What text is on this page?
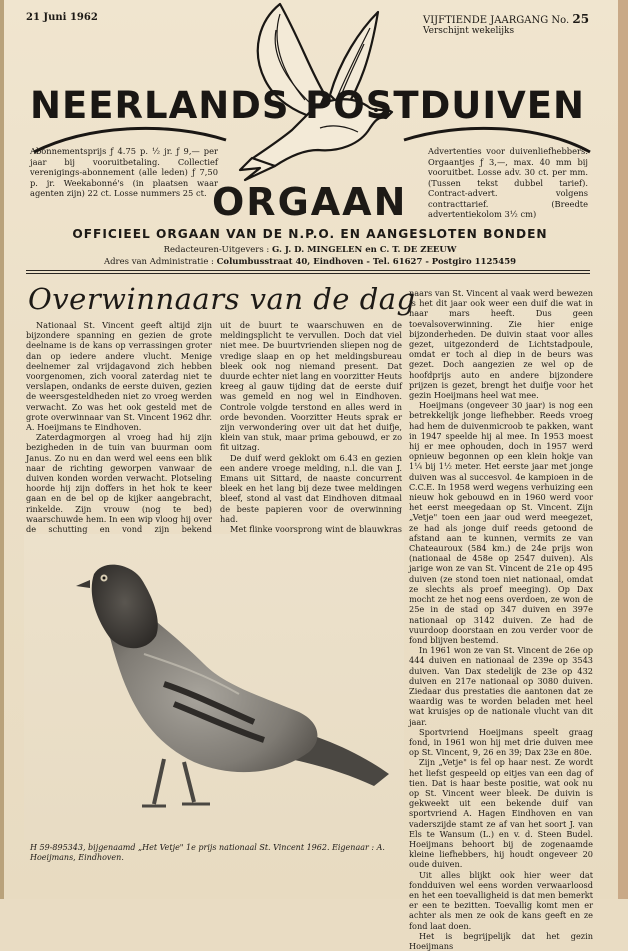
21 Juni 1962	VIJFTIENDE JAARGANG No. 25
Verschijnt wekelijks
NEERLANDS POSTDUIVEN
ORGAAN
Abonnementsprijs ƒ 4.75 p. ½ jr. ƒ 9,— per jaar bij vooruitbetaling. Collectief verenigings-abonnement (alle leden) ƒ 7,50 p. jr. Weekabonné's (in plaatsen waar agenten zijn) 22 ct. Losse nummers 25 ct.
Advertenties voor duivenliefhebbers: Orgaantjes ƒ 3,—, max. 40 mm bij vooruitbet. Losse adv. 30 ct. per mm. (Tussen tekst dubbel tarief). Contract-advert. volgens contracttarief. (Breedte advertentiekolom 3½ cm)
OFFICIEEL ORGAAN VAN DE N.P.O. EN AANGESLOTEN BONDEN
Redacteuren-Uitgevers : G. J. D. MINGELEN en C. T. DE ZEEUW
Adres van Administratie : Columbusstraat 40, Eindhoven - Tel. 61627 - Postgiro 1125459
Overwinnaars van de dag

Nationaal St. Vincent geeft altijd zijn bijzondere spanning en gezien de grote deelname is de kans op verrassingen groter dan op iedere andere vlucht. Menige deelnemer zal vrijdagavond zich hebben voorgenomen, zich vooral zaterdag niet te verslapen, ondanks de eerste duiven, gezien de weersgesteldheden niet zo vroeg werden verwacht. Zo was het ook gesteld met de grote overwinnaar van St. Vincent 1962 dhr. A. Hoeijmans te Eindhoven.

Zaterdagmorgen al vroeg had hij zijn bezigheden in de tuin van buurman oom Janus. Zo nu en dan werd wel eens een blik naar de richting geworpen vanwaar de duiven konden worden verwacht. Plotseling hoorde hij zijn doffers in het hok te keer gaan en de bel op de kijker aangebracht, rinkelde. Zijn vrouw (nog te bed) waarschuwde hem. In een wip vloog hij over de schutting en vond zijn bekend

uit de buurt te waarschuwen en de meldingsplicht te vervullen. Doch dat viel niet mee. De buurtvrienden sliepen nog de vredige slaap en op het meldingsbureau bleek ook nog niemand present. Dat duurde echter niet lang en voorzitter Heuts kreeg al gauw tijding dat de eerste duif was gemeld en nog wel in Eindhoven. Controle volgde terstond en alles werd in orde bevonden. Voorzitter Heuts sprak er zijn verwondering over uit dat het duifje, klein van stuk, maar prima gebouwd, er zo fit uitzag.

De duif werd geklokt om 6.43 en gezien een andere vroege melding, n.l. die van J. Emans uit Sittard, de naaste concurrent bleek en het lang bij deze twee meldingen bleef, stond al vast dat Eindhoven ditmaal de beste papieren voor de overwinning had.

Met flinke voorsprong wint de blauwkras

naars van St. Vincent al vaak werd bewezen is het dit jaar ook weer een duif die wat in haar mars heeft. Dus geen toevalsoverwinning. Zie hier enige bijzonderheden. De duivin staat voor alles gezet, uitgezonderd de Lichtstadpoule, omdat er toch al diep in de beurs was gezet. Doch aangezien ze wel op de hoofdprijs auto en andere bijzondere prijzen is gezet, brengt het duifje voor het gezin Hoeijmans heel wat mee.

Hoeijmans (ongeveer 30 jaar) is nog een betrekkelijk jonge liefhebber. Reeds vroeg had hem de duivenmicroob te pakken, want in 1947 speelde hij al mee. In 1953 moest hij er mee ophouden, doch in 1957 werd opnieuw begonnen op een klein hokje van 1¼ bij 1½ meter. Het eerste jaar met jonge duiven was al succesvol. 4e kampioen in de C.C.E. In 1958 werd wegens verhuizing een nieuw hok gebouwd en in 1960 werd voor het eerst meegedaan op St. Vincent. Zijn „Vetje" toen een jaar oud werd meegezet, ze had als jonge duif reeds getoond de afstand aan te kunnen, vermits ze van Chateauroux (584 km.) de 24e prijs won (nationaal de 458e op 2547 duiven). Als jarige won ze van St. Vincent de 21e op 495 duiven (ze stond toen niet nationaal, omdat ze slechts als proef meeging). Op Dax mocht ze het nog eens overdoen, ze won de 25e in de stad op 347 duiven en 397e nationaal op 3142 duiven. Ze had de vuurdoop doorstaan en zou verder voor de fond blijven bestemd.

In 1961 won ze van St. Vincent de 26e op 444 duiven en nationaal de 239e op 3543 duiven. Van Dax stedelijk de 23e op 432 duiven en 217e nationaal op 3080 duiven. Ziedaar dus prestaties die aantonen dat ze waardig was te worden beladen met heel wat kruisjes op de nationale vlucht van dit jaar.

Sportvriend Hoeijmans speelt graag fond, in 1961 won hij met drie duiven mee op St. Vincent, 9, 26 en 39; Dax 23e en 80e.

Zijn „Vetje" is fel op haar nest. Ze wordt het liefst gespeeld op eitjes van een dag of tien. Dat is haar beste positie, wat ook nu op St. Vincent weer bleek. De duivin is gekweekt uit een bekende duif van sportvriend A. Hagen Eindhoven en van vaderszijde stamt ze af van het soort J. van Els te Wansum (L.) en v. d. Steen Budel. Hoeijmans behoort bij de zogenaamde kleine liefhebbers, hij houdt ongeveer 20 oude duiven.

Uit alles blijkt ook hier weer dat fondduiven wel eens worden verwaarloosd en het een toevalligheid is dat men bemerkt er een te bezitten. Toevallig komt men er achter als men ze ook de kans geeft en ze fond laat doen.

Het is begrijpelijk dat het gezin Hoeijmans

H 59-895343, bijgenaamd „Het Vetje" 1e prijs nationaal St. Vincent 1962. Eigenaar : A. Hoeijmans, Eindhoven.
